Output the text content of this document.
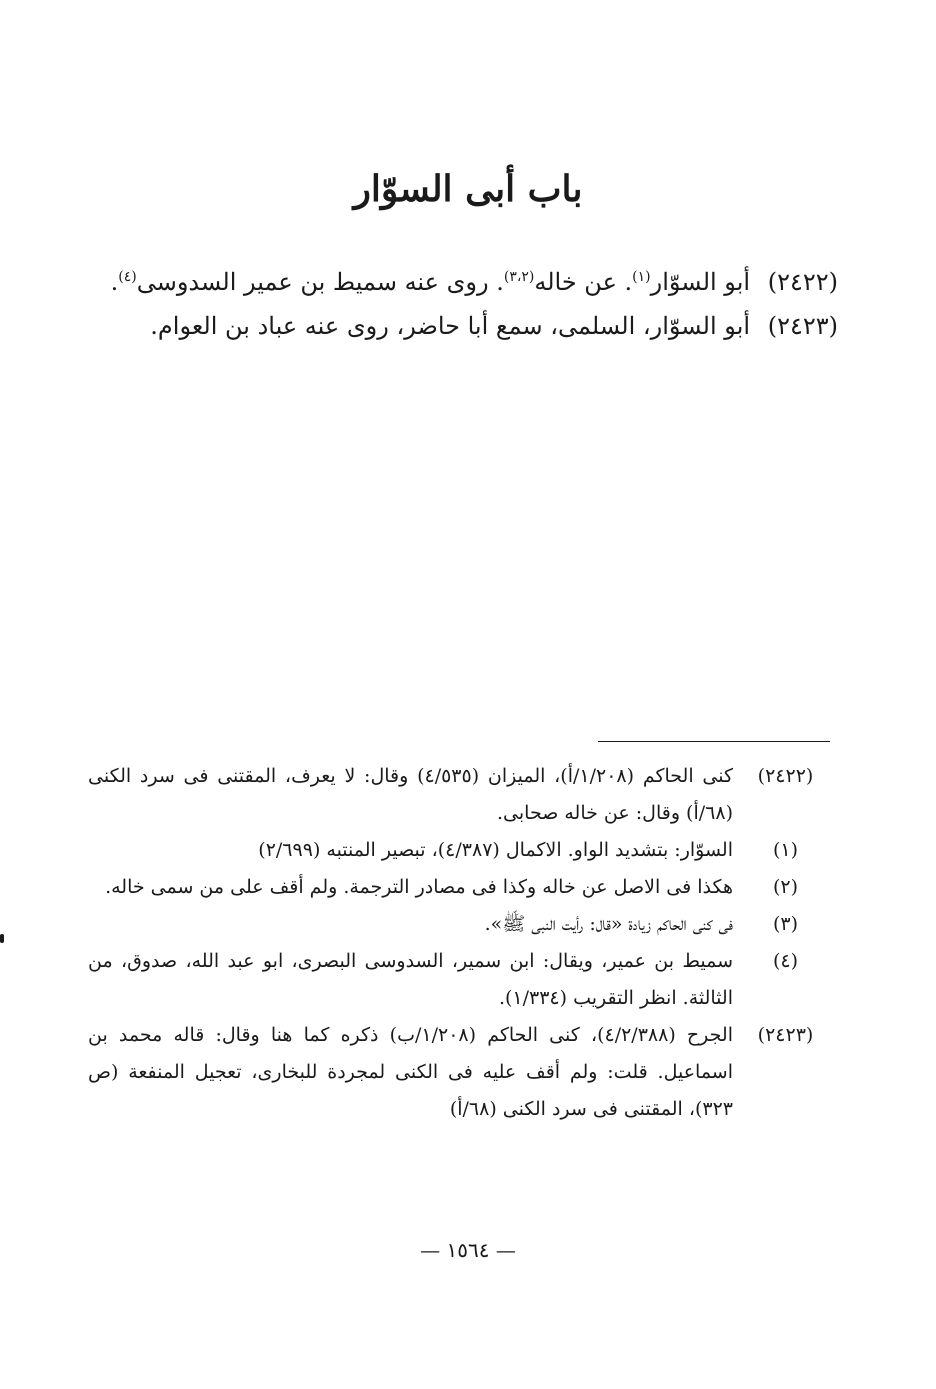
باب أبى السوّار

(٢٤٢٢) أبو السوّار$^{(١)}$. عن خاله$^{(٣،٢)}$. روى عنه سميط بن عمير السدوسى$^{(٤)}$.

(٢٤٢٣) أبو السوّار، السلمى، سمع أبا حاضر، روى عنه عباد بن العوام.

(٢٤٢٢)
كنى الحاكم (١/٢٠٨/أ)، الميزان (٤/٥٣٥) وقال: لا يعرف، المقتنى فى سرد الكنى (٦٨/أ) وقال: عن خاله صحابى.
(١)
السوّار: بتشديد الواو. الاكمال (٤/٣٨٧)، تبصير المنتبه (٢/٦٩٩)
(٢)
هكذا فى الاصل عن خاله وكذا فى مصادر الترجمة. ولم أقف على من سمى خاله.
(٣)
فى كنى الحاكم زيادة «قال: رأيت النبى ﷺ».
(٤)
سميط بن عمير، ويقال: ابن سمير، السدوسى البصرى، ابو عبد الله، صدوق، من الثالثة. انظر التقريب (١/٣٣٤).
(٢٤٢٣)
الجرح (٤/٢/٣٨٨)، كنى الحاكم (١/٢٠٨/ب) ذكره كما هنا وقال: قاله محمد بن اسماعيل. قلت: ولم أقف عليه فى الكنى لمجردة للبخارى، تعجيل المنفعة (ص ٣٢٣)، المقتنى فى سرد الكنى (٦٨/أ)
— ١٥٦٤ —
